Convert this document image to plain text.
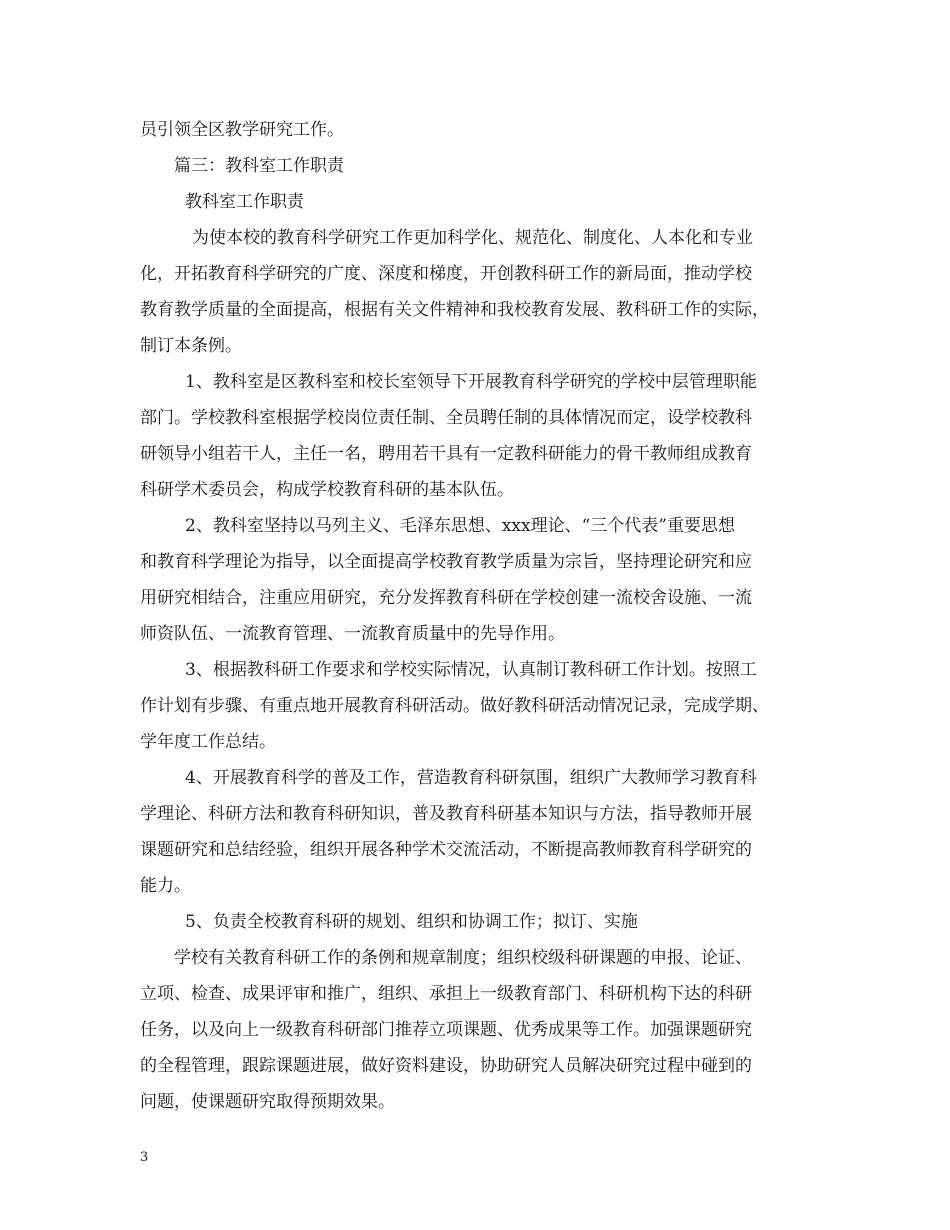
员引领全区教学研究工作。
篇三：教科室工作职责
教科室工作职责
为使本校的教育科学研究工作更加科学化、规范化、制度化、人本化和专业
化，开拓教育科学研究的广度、深度和梯度，开创教科研工作的新局面，推动学校
教育教学质量的全面提高，根据有关文件精神和我校教育发展、教科研工作的实际，
制订本条例。
1、教科室是区教科室和校长室领导下开展教育科学研究的学校中层管理职能
部门。学校教科室根据学校岗位责任制、全员聘任制的具体情况而定，设学校教科
研领导小组若干人，主任一名，聘用若干具有一定教科研能力的骨干教师组成教育
科研学术委员会，构成学校教育科研的基本队伍。
2、教科室坚持以马列主义、毛泽东思想、xxx理论、“三个代表”重要思想
和教育科学理论为指导，以全面提高学校教育教学质量为宗旨，坚持理论研究和应
用研究相结合，注重应用研究，充分发挥教育科研在学校创建一流校舍设施、一流
师资队伍、一流教育管理、一流教育质量中的先导作用。
3、根据教科研工作要求和学校实际情况，认真制订教科研工作计划。按照工
作计划有步骤、有重点地开展教育科研活动。做好教科研活动情况记录，完成学期、
学年度工作总结。
4、开展教育科学的普及工作，营造教育科研氛围，组织广大教师学习教育科
学理论、科研方法和教育科研知识，普及教育科研基本知识与方法，指导教师开展
课题研究和总结经验，组织开展各种学术交流活动，不断提高教师教育科学研究的
能力。
5、负责全校教育科研的规划、组织和协调工作；拟订、实施
学校有关教育科研工作的条例和规章制度；组织校级科研课题的申报、论证、
立项、检查、成果评审和推广，组织、承担上一级教育部门、科研机构下达的科研
任务，以及向上一级教育科研部门推荐立项课题、优秀成果等工作。加强课题研究
的全程管理，跟踪课题进展，做好资料建设，协助研究人员解决研究过程中碰到的
问题，使课题研究取得预期效果。
3
